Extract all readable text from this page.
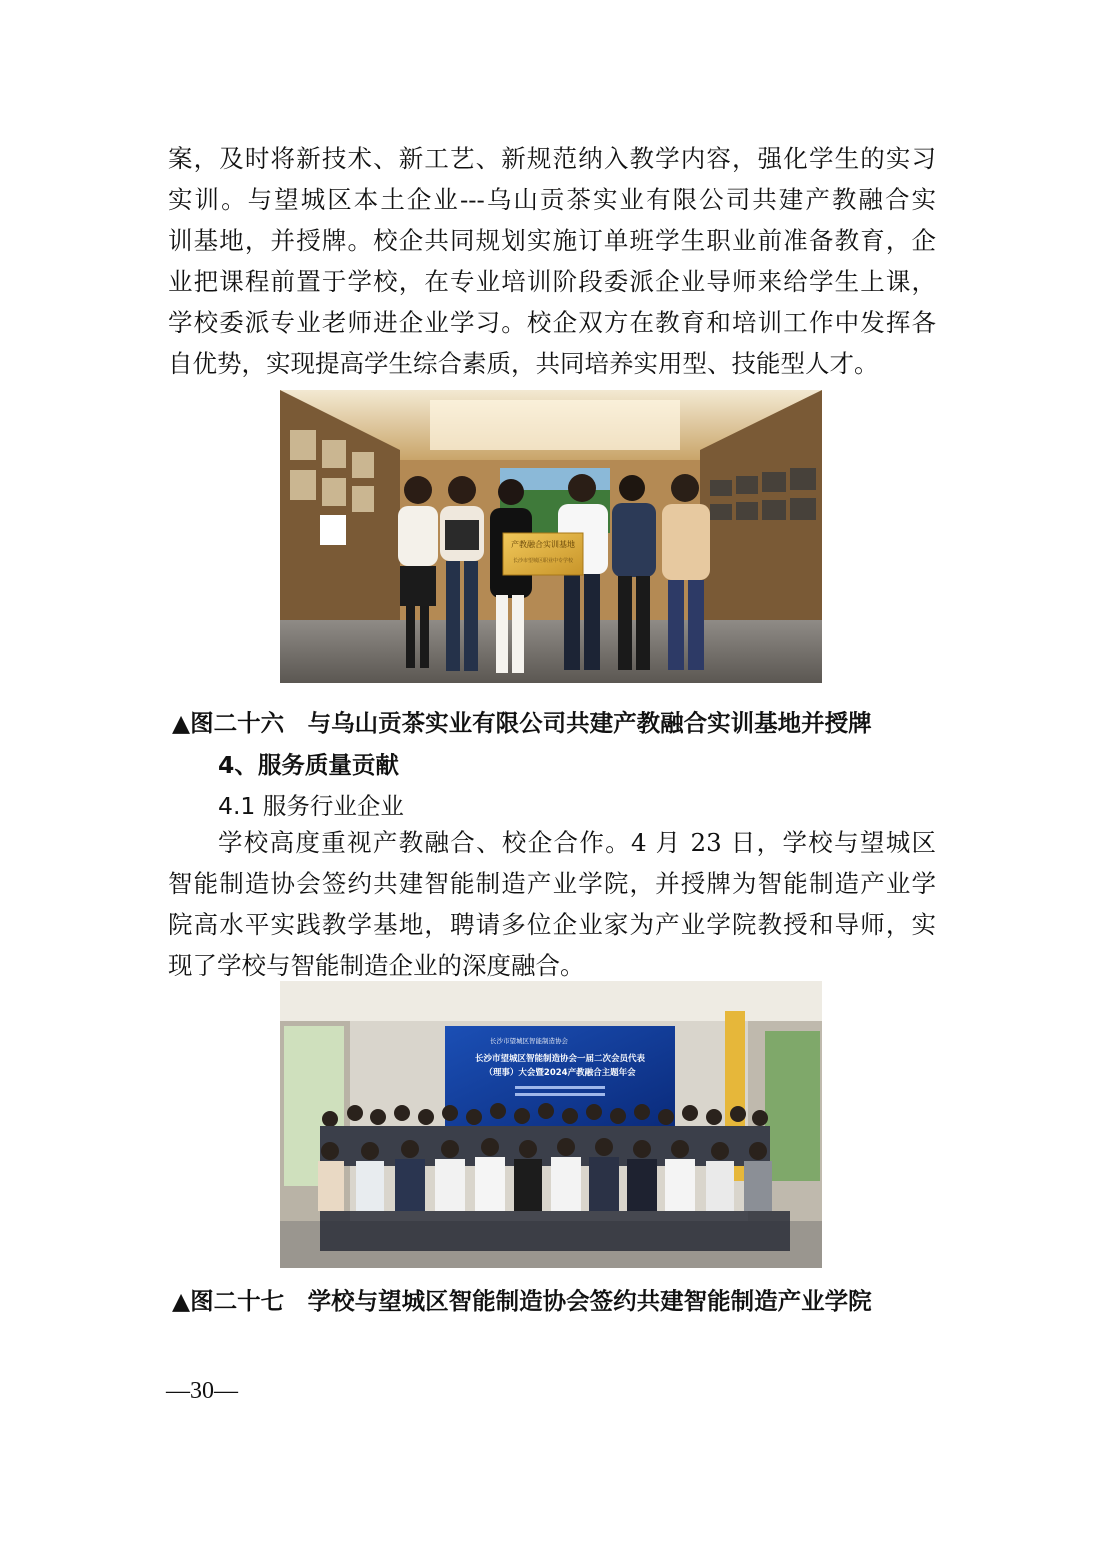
案，及时将新技术、新工艺、新规范纳入教学内容，强化学生的实习
实训。与望城区本土企业---乌山贡茶实业有限公司共建产教融合实
训基地，并授牌。校企共同规划实施订单班学生职业前准备教育，企
业把课程前置于学校，在专业培训阶段委派企业导师来给学生上课，
学校委派专业老师进企业学习。校企双方在教育和培训工作中发挥各
自优势，实现提高学生综合素质，共同培养实用型、技能型人才。
产教融合实训基地
长沙市望城区职业中专学校
▲图二十六　与乌山贡茶实业有限公司共建产教融合实训基地并授牌
4、服务质量贡献
4.1 服务行业企业
学校高度重视产教融合、校企合作。4 月 23 日，学校与望城区
智能制造协会签约共建智能制造产业学院，并授牌为智能制造产业学
院高水平实践教学基地，聘请多位企业家为产业学院教授和导师，实
现了学校与智能制造企业的深度融合。
长沙市望城区智能制造协会
长沙市望城区智能制造协会一届二次会员代表
（理事）大会暨2024产教融合主题年会
▲图二十七　学校与望城区智能制造协会签约共建智能制造产业学院
—30—
